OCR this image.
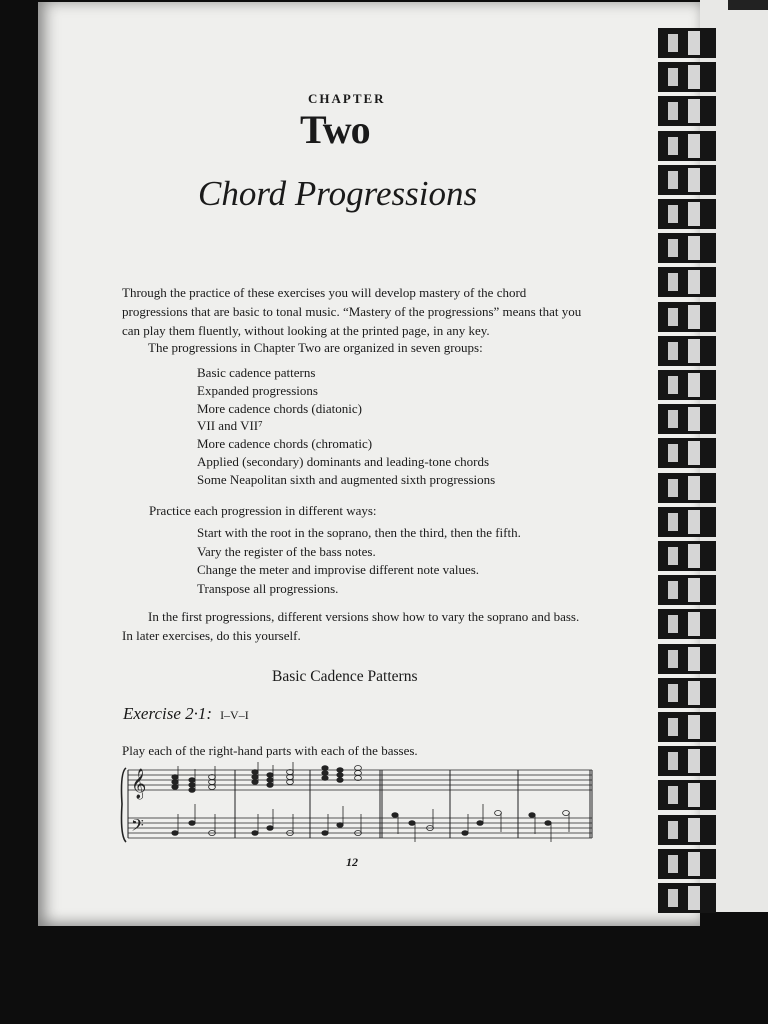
CHAPTER
Two
Chord Progressions

Through the practice of these exercises you will develop mastery of the chord progressions that are basic to tonal music. “Mastery of the progressions” means that you can play them fluently, without looking at the printed page, in any key.

The progressions in Chapter Two are organized in seven groups:

Basic cadence patterns
Expanded progressions
More cadence chords (diatonic)
VII and VII⁷
More cadence chords (chromatic)
Applied (secondary) dominants and leading-tone chords
Some Neapolitan sixth and augmented sixth progressions

Practice each progression in different ways:

Start with the root in the soprano, then the third, then the fifth.
Vary the register of the bass notes.
Change the meter and improvise different note values.
Transpose all progressions.

In the first progressions, different versions show how to vary the soprano and bass. In later exercises, do this yourself.

Basic Cadence Patterns
Exercise 2·1: I–V–I

Play each of the right-hand parts with each of the basses.

𝄞
𝄢
12
